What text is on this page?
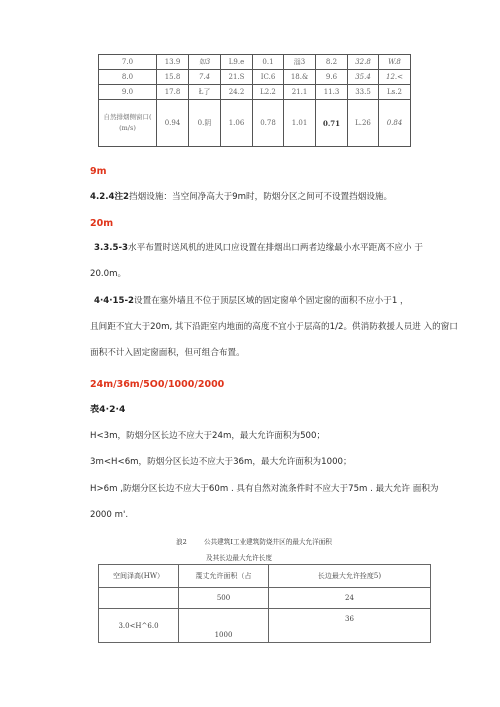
7.0	13.9	如3	L9.e	0.1	淄3	8.2	32.8	W.8
8.0	15.8	7.4	21.S	IC.6	18.&	9.6	35.4	12.<
9.0	17.8	Ł了	24.2	L2.2	21.1	11.3	33.5	Ls.2

自然排烟侧窗口(
(m/s)	0.94	0.阴	1.06	0.78	1.01	0.71	L.26	0.84
9m
4.2.4注2挡烟设施：当空间净高大于9m时，防烟分区之间可不设置挡烟设施。
20m
3.3.5-3水平布置时送风机的进风口应设置在排烟出口两者边缘最小水平距离不应小 于
20.0m。
4·4·15-2设置在塞外墙且不位于顶层区域的固定窗单个固定窗的面积不应小于1 ，
且间距不宜大于20m, 其下沿距室内地面的高度不宜小于层高的1/2。供消防救援人员进 入的窗口
面积不计入固定窗面积，但可组合布置。
24m/36m/5O0/1000/2000
表4·2·4
H<3m，防烟分区长边不应大于24m，最大允许面积为500；
3m<H<6m，防烟分区长边不应大于36m，最大允许面积为1000；
H>6m ,防烟分区长边不应大于60m . 具有自然对流条件时不应大于75m . 最大允许 面积为
2000 m'.
浪2	公共建筑I工业建筑防烧井区的最大允洋面积
及其长边最大允许长度
空间泽高(HW）	蔑丈允许面积（占	长边最大允许拴度5)
	500	24
3.0<H^6.0	1000	36
